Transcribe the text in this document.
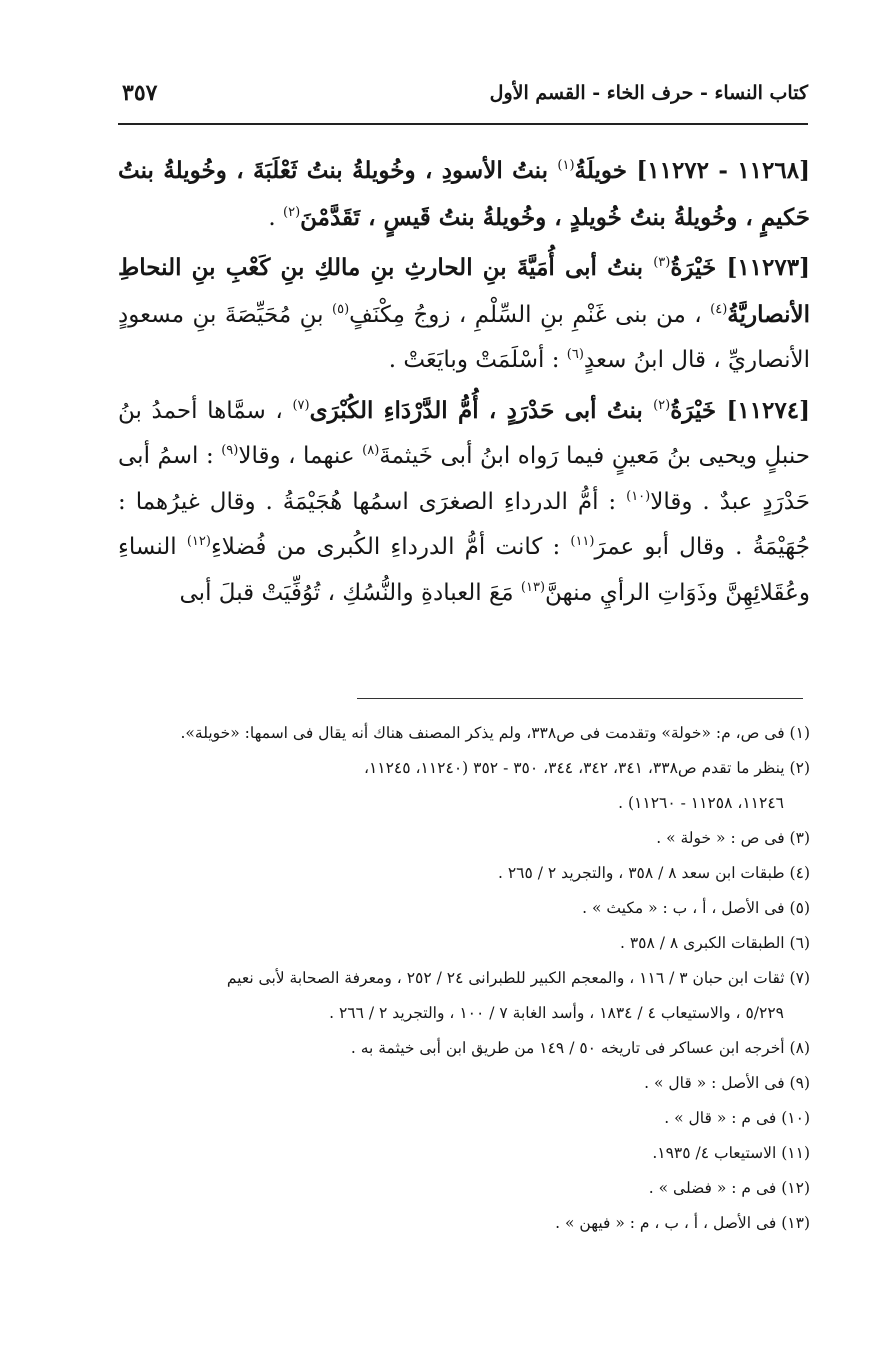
كتاب النساء - حرف الخاء - القسم الأول
٣٥٧

[١١٢٦٨ - ١١٢٧٢] خويلَةُ$^{(١)}$ بنتُ الأسودِ ، وخُويلةُ بنتُ ثَعْلَبَةَ ، وخُويلةُ بنتُ حَكيمٍ ، وخُويلةُ بنتُ خُويلدٍ ، وخُويلةُ بنتُ قَيسٍ ، تَقَدَّمْنَ$^{(٢)}$ .

[١١٢٧٣] خَيْرَةُ$^{(٣)}$ بنتُ أبى أُمَيَّةَ بنِ الحارثِ بنِ مالكِ بنِ كَعْبِ بنِ النحاطِ الأنصاريَّةُ$^{(٤)}$ ، من بنى غَنْمِ بنِ السِّلْمِ ، زوجُ مِكْنَفٍ$^{(٥)}$ بنِ مُحَيِّصَةَ بنِ مسعودٍ الأنصاريِّ ، قال ابنُ سعدٍ$^{(٦)}$ : أسْلَمَتْ وبايَعَتْ .

[١١٢٧٤] خَيْرَةُ$^{(٢)}$ بنتُ أبى حَدْرَدٍ ، أُمُّ الدَّرْدَاءِ الكُبْرَى$^{(٧)}$ ، سمَّاها أحمدُ بنُ حنبلٍ ويحيى بنُ مَعينٍ فيما رَواه ابنُ أبى خَيثمةَ$^{(٨)}$ عنهما ، وقالا$^{(٩)}$ : اسمُ أبى حَدْرَدٍ عبدٌ . وقالا$^{(١٠)}$ : أمُّ الدرداءِ الصغرَى اسمُها هُجَيْمَةُ . وقال غيرُهما : جُهَيْمَةُ . وقال أبو عمرَ$^{(١١)}$ : كانت أمُّ الدرداءِ الكُبرى من فُضلاءِ$^{(١٢)}$ النساءِ وعُقَلائِهِنَّ وذَوَاتِ الرأيِ منهنَّ$^{(١٣)}$ مَعَ العبادةِ والنُّسُكِ ، تُوُفِّيَتْ قبلَ أبى

(١) فى ص، م: «خولة» وتقدمت فى ص٣٣٨، ولم يذكر المصنف هناك أنه يقال فى اسمها: «خويلة».

(٢) ينظر ما تقدم ص٣٣٨، ٣٤١، ٣٤٢، ٣٤٤، ٣٥٠ - ٣٥٢ (١١٢٤٠، ١١٢٤٥،

١١٢٤٦، ١١٢٥٨ - ١١٢٦٠) .

(٣) فى ص : « خولة » .

(٤) طبقات ابن سعد ٨ / ٣٥٨ ، والتجريد ٢ / ٢٦٥ .

(٥) فى الأصل ، أ ، ب : « مكيث » .

(٦) الطبقات الكبرى ٨ / ٣٥٨ .

(٧) ثقات ابن حبان ٣ / ١١٦ ، والمعجم الكبير للطبرانى ٢٤ / ٢٥٢ ، ومعرفة الصحابة لأبى نعيم

٥/٢٢٩ ، والاستيعاب ٤ / ١٨٣٤ ، وأسد الغابة ٧ / ١٠٠ ، والتجريد ٢ / ٢٦٦ .

(٨) أخرجه ابن عساكر فى تاريخه ٥٠ / ١٤٩ من طريق ابن أبى خيثمة به .

(٩) فى الأصل : « قال » .

(١٠) فى م : « قال » .

(١١) الاستيعاب ٤/ ١٩٣٥.

(١٢) فى م : « فضلى » .

(١٣) فى الأصل ، أ ، ب ، م : « فيهن » .
